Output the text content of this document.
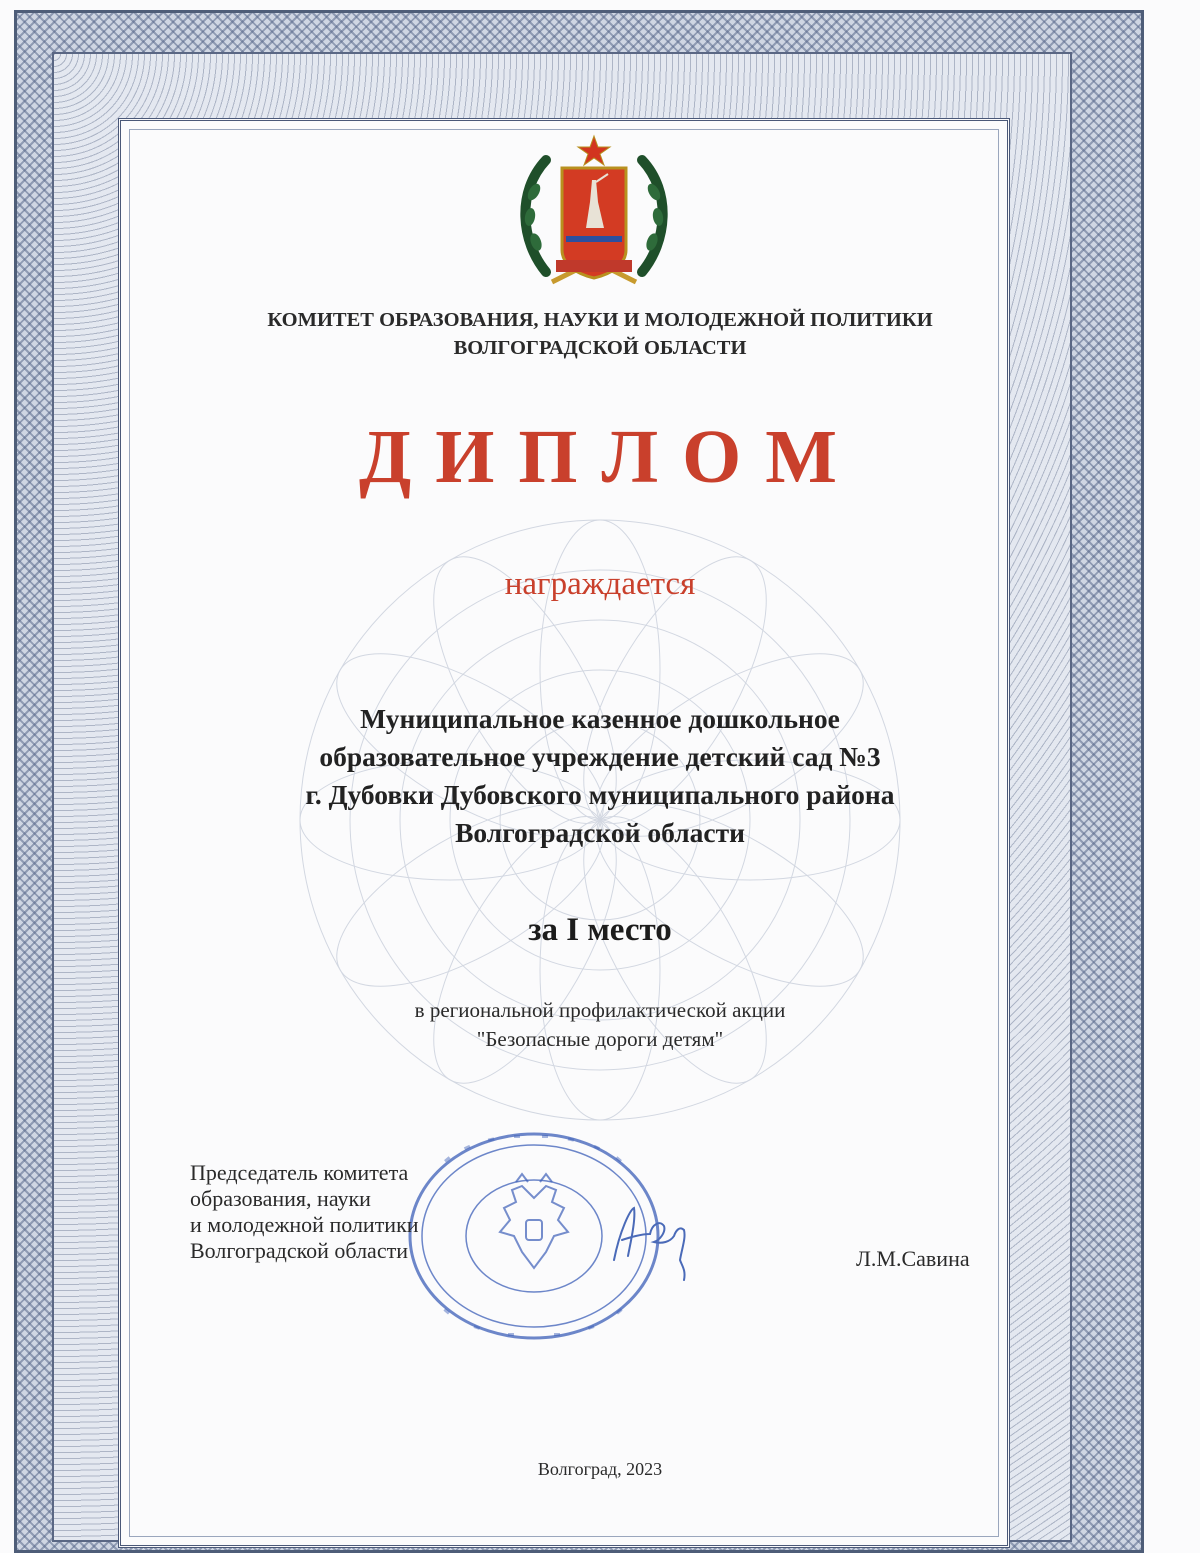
КОМИТЕТ ОБРАЗОВАНИЯ, НАУКИ И МОЛОДЕЖНОЙ ПОЛИТИКИ
ВОЛГОГРАДСКОЙ ОБЛАСТИ
ДИПЛОМ
награждается
Муниципальное казенное дошкольное
образовательное учреждение детский сад №3
г. Дубовки Дубовского муниципального района
Волгоградской области
за I место
в региональной профилактической акции
"Безопасные дороги детям"
Председатель комитета
образования, науки
и молодежной политики
Волгоградской области	Л.М.Савина
Волгоград, 2023
